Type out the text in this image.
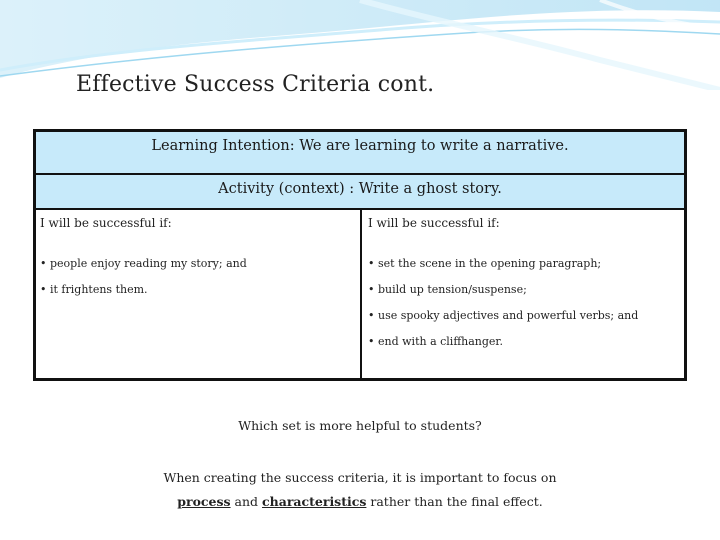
Effective Success Criteria cont.
Learning Intention: We are learning to write a narrative.
Activity (context) : Write a ghost story.
I will be successful if:
• people enjoy reading my story; and
• it frightens them.
I will be successful if:
• set the scene in the opening paragraph;
• build up tension/suspense;
• use spooky adjectives and powerful verbs; and
• end with a cliffhanger.
Which set is more helpful to students?
When creating the success criteria, it is important to focus on
process and characteristics rather than the final effect.
